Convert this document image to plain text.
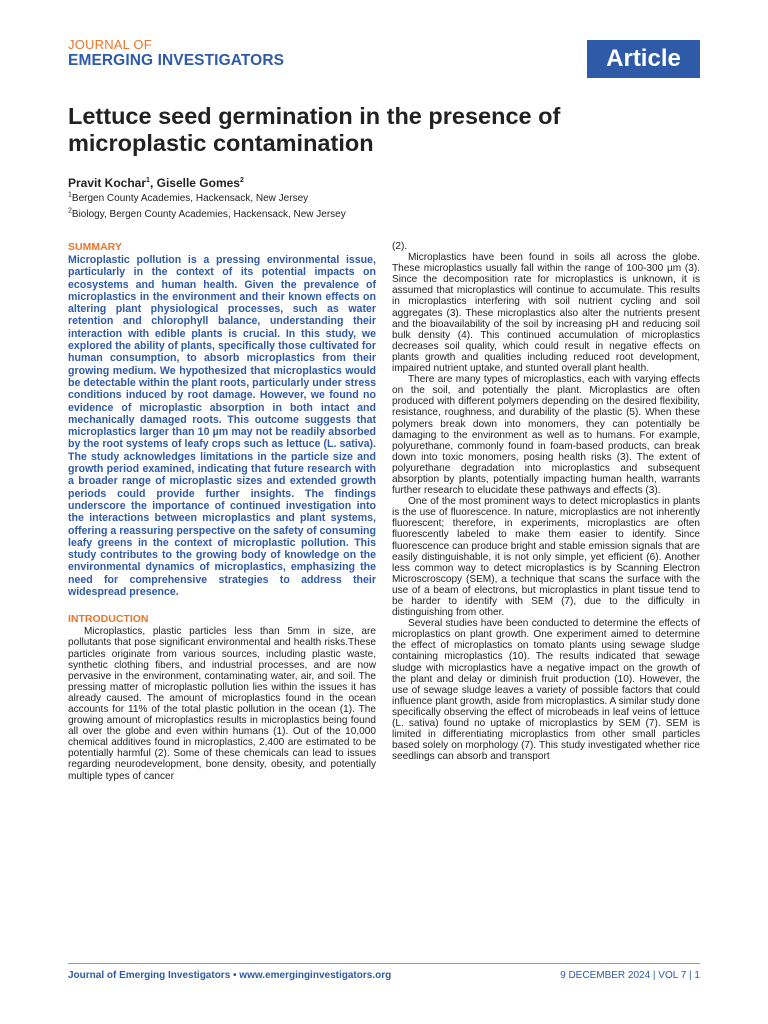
JOURNAL OF
EMERGING INVESTIGATORS	Article
Lettuce seed germination in the presence of microplastic contamination
Pravit Kochar$^1$, Giselle Gomes$^2$
$^1$Bergen County Academies, Hackensack, New Jersey
$^2$Biology, Bergen County Academies, Hackensack, New Jersey
SUMMARY

Microplastic pollution is a pressing environmental issue, particularly in the context of its potential impacts on ecosystems and human health. Given the prevalence of microplastics in the environment and their known effects on altering plant physiological processes, such as water retention and chlorophyll balance, understanding their interaction with edible plants is crucial. In this study, we explored the ability of plants, specifically those cultivated for human consumption, to absorb microplastics from their growing medium. We hypothesized that microplastics would be detectable within the plant roots, particularly under stress conditions induced by root damage. However, we found no evidence of microplastic absorption in both intact and mechanically damaged roots. This outcome suggests that microplastics larger than 10 µm may not be readily absorbed by the root systems of leafy crops such as lettuce (L. sativa). The study acknowledges limitations in the particle size and growth period examined, indicating that future research with a broader range of microplastic sizes and extended growth periods could provide further insights. The findings underscore the importance of continued investigation into the interactions between microplastics and plant systems, offering a reassuring perspective on the safety of consuming leafy greens in the context of microplastic pollution. This study contributes to the growing body of knowledge on the environmental dynamics of microplastics, emphasizing the need for comprehensive strategies to address their widespread presence.

INTRODUCTION

Microplastics, plastic particles less than 5mm in size, are pollutants that pose significant environmental and health risks.These particles originate from various sources, including plastic waste, synthetic clothing fibers, and industrial processes, and are now pervasive in the environment, contaminating water, air, and soil. The pressing matter of microplastic pollution lies within the issues it has already caused. The amount of microplastics found in the ocean accounts for 11% of the total plastic pollution in the ocean (1). The growing amount of microplastics results in microplastics being found all over the globe and even within humans (1). Out of the 10,000 chemical additives found in microplastics, 2,400 are estimated to be potentially harmful (2). Some of these chemicals can lead to issues regarding neurodevelopment, bone density, obesity, and potentially multiple types of cancer

(2).

Microplastics have been found in soils all across the globe. These microplastics usually fall within the range of 100-300 µm (3). Since the decomposition rate for microplastics is unknown, it is assumed that microplastics will continue to accumulate. This results in microplastics interfering with soil nutrient cycling and soil aggregates (3). These microplastics also alter the nutrients present and the bioavailability of the soil by increasing pH and reducing soil bulk density (4). This continued accumulation of microplastics decreases soil quality, which could result in negative effects on plants growth and qualities including reduced root development, impaired nutrient uptake, and stunted overall plant health.

There are many types of microplastics, each with varying effects on the soil, and potentially the plant. Microplastics are often produced with different polymers depending on the desired flexibility, resistance, roughness, and durability of the plastic (5). When these polymers break down into monomers, they can potentially be damaging to the environment as well as to humans. For example, polyurethane, commonly found in foam-based products, can break down into toxic monomers, posing health risks (3). The extent of polyurethane degradation into microplastics and subsequent absorption by plants, potentially impacting human health, warrants further research to elucidate these pathways and effects (3).

One of the most prominent ways to detect microplastics in plants is the use of fluorescence. In nature, microplastics are not inherently fluorescent; therefore, in experiments, microplastics are often fluorescently labeled to make them easier to identify. Since fluorescence can produce bright and stable emission signals that are easily distinguishable, it is not only simple, yet efficient (6). Another less common way to detect microplastics is by Scanning Electron Microscroscopy (SEM), a technique that scans the surface with the use of a beam of electrons, but microplastics in plant tissue tend to be harder to identify with SEM (7), due to the difficulty in distinguishing from other.

Several studies have been conducted to determine the effects of microplastics on plant growth. One experiment aimed to determine the effect of microplastics on tomato plants using sewage sludge containing microplastics (10). The results indicated that sewage sludge with microplastics have a negative impact on the growth of the plant and delay or diminish fruit production (10). However, the use of sewage sludge leaves a variety of possible factors that could influence plant growth, aside from microplastics. A similar study done specifically observing the effect of microbeads in leaf veins of lettuce (L. sativa) found no uptake of microplastics by SEM (7). SEM is limited in differentiating microplastics from other small particles based solely on morphology (7). This study investigated whether rice seedlings can absorb and transport

Journal of Emerging Investigators • www.emerginginvestigators.org	9 DECEMBER 2024 | VOL 7 | 1
